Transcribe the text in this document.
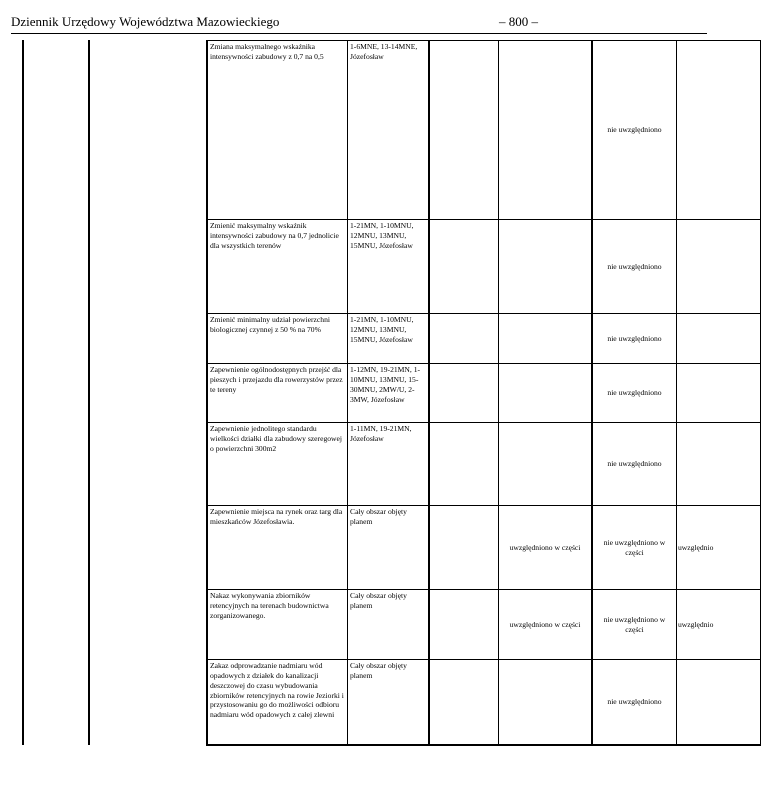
Dziennik Urzędowy Województwa Mazowieckiego	– 800 –
Zmiana maksymalnego wskaźnika intensywności zabudowy z 0,7 na 0,5
1-6MNE, 13-14MNE, Józefosław
nie uwzględniono
Zmienić maksymalny wskaźnik intensywności zabudowy na 0,7 jednolicie dla wszystkich terenów
1-21MN, 1-10MNU, 12MNU, 13MNU, 15MNU, Józefosław
nie uwzględniono
Zmienić minimalny udział powierzchni biologicznej czynnej z 50 % na 70%
1-21MN, 1-10MNU, 12MNU, 13MNU, 15MNU, Józefosław	nie uwzględniono
Zapewnienie ogólnodostępnych przejść dla pieszych i przejazdu dla rowerzystów przez te tereny
1-12MN, 19-21MN, 1-10MNU, 13MNU, 15-30MNU, 2MW/U, 2-3MW, Józefosław
nie uwzględniono
Zapewnienie jednolitego standardu wielkości działki dla zabudowy szeregowej o powierzchni 300m2
1-11MN, 19-21MN, Józefosław
nie uwzględniono
Zapewnienie miejsca na rynek oraz targ dla mieszkańców Józefosławia.
Cały obszar objęty planem
uwzględniono w części
nie uwzględniono w części
uwzględnio
Nakaz wykonywania zbiorników retencyjnych na terenach budownictwa zorganizowanego.
Cały obszar objęty planem
uwzględniono w części
nie uwzględniono w części
uwzględnio
Zakaz odprowadzanie nadmiaru wód opadowych z działek do kanalizacji deszczowej do czasu wybudowania zbiorników retencyjnych na rowie Jeziorki i przystosowaniu go do możliwości odbioru nadmiaru wód opadowych z całej zlewni
Cały obszar objęty planem
nie uwzględniono
